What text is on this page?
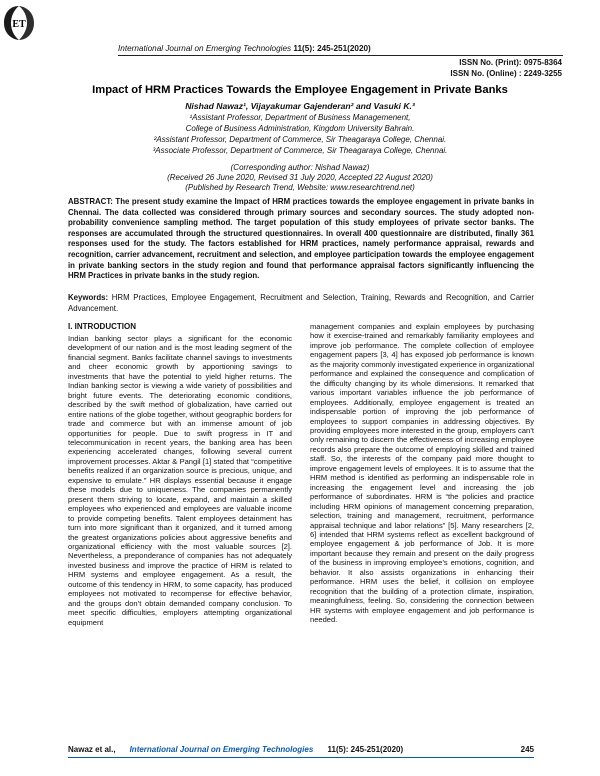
ET
International Journal on Emerging Technologies 11(5): 245-251(2020)
ISSN No. (Print): 0975-8364
ISSN No. (Online) : 2249-3255
Impact of HRM Practices Towards the Employee Engagement in Private Banks
Nishad Nawaz¹, Vijayakumar Gajenderan² and Vasuki K.³
¹Assistant Professor, Department of Business Managemenent,
College of Business Administration, Kingdom University Bahrain.
²Assistant Professor, Department of Commerce, Sir Theagaraya College, Chennai.
³Associate Professor, Department of Commerce, Sir Theagaraya College, Chennai.
(Corresponding author: Nishad Nawaz)
(Received 26 June 2020, Revised 31 July 2020, Accepted 22 August 2020)
(Published by Research Trend, Website: www.researchtrend.net)
ABSTRACT: The present study examine the Impact of HRM practices towards the employee engagement in private banks in Chennai. The data collected was considered through primary sources and secondary sources. The study adopted non-probability convenience sampling method. The target population of this study employees of private sector banks. The responses are accumulated through the structured questionnaires. In overall 400 questionnaire are distributed, finally 361 responses used for the study. The factors established for HRM practices, namely performance appraisal, rewards and recognition, carrier advancement, recruitment and selection, and employee participation towards the employee engagement in private banking sectors in the study region and found that performance appraisal factors significantly influencing the HRM Practices in private banks in the study region.
Keywords: HRM Practices, Employee Engagement, Recruitment and Selection, Training, Rewards and Recognition, and Carrier Advancement.
I. INTRODUCTION
Indian banking sector plays a significant for the economic development of our nation and is the most leading segment of the financial segment. Banks facilitate channel savings to investments and cheer economic growth by apportioning savings to investments that have the potential to yield higher returns. The Indian banking sector is viewing a wide variety of possibilities and bright future events. The deteriorating economic conditions, described by the swift method of globalization, have carried out entire nations of the globe together, without geographic borders for trade and commerce but with an immense amount of job opportunities for people. Due to swift progress in IT and telecommunication in recent years, the banking area has been experiencing accelerated changes, following several current improvement processes. Aktar & Pangil [1] stated that “competitive benefits realized if an organization source is precious, unique, and expensive to emulate.” HR displays essential because it engage these models due to uniqueness. The companies permanently present them striving to locate, expand, and maintain a skilled employees who experienced and employees are valuable income to provide competing benefits. Talent employees detainment has turn into more significant than it organized, and it turned among the greatest organizations policies about aggressive benefits and organizational efficiency with the most valuable sources [2]. Nevertheless, a preponderance of companies has not adequately invested business and improve the practice of HRM is related to HRM systems and employee engagement. As a result, the outcome of this tendency in HRM, to some capacity, has produced employees not motivated to recompense for effective behavior, and the groups don’t obtain demanded company conclusion. To meet specific difficulties, employers attempting organizational equipment
management companies and explain employees by purchasing how it exercise-trained and remarkably familiarity employees and improve job performance. The complete collection of employee engagement papers [3, 4] has exposed job performance is known as the majority commonly investigated experience in organizational performance and explained the consequence and complication of the difficulty changing by its whole dimensions. It remarked that various important variables influence the job performance of employees. Additionally, employee engagement is treated an indispensable portion of improving the job performance of employees to support companies in addressing objectives. By providing employees more interested in the group, employers can’t only remaining to discern the effectiveness of increasing employee records also prepare the outcome of employing skilled and trained staff. So, the interests of the company paid more thought to improve engagement levels of employees. It is to assume that the HRM method is identified as performing an indispensable role in increasing the engagement level and increasing the job performance of subordinates. HRM is “the policies and practice including HRM opinions of management concerning preparation, selection, training and management, recruitment, performance appraisal technique and labor relations” [5]. Many researchers [2, 6] intended that HRM systems reflect as excellent background of employee engagement & job performance of Job. It is more important because they remain and present on the daily progress of the business in improving employee’s emotions, cognition, and behavior. It also assists organizations in enhancing their performance. HRM uses the belief, it collision on employee recognition that the building of a protection climate, inspiration, meaningfulness, feeling. So, considering the connection between HR systems with employee engagement and job performance is needed.
Nawaz et al., International Journal on Emerging Technologies 11(5): 245-251(2020)	245
